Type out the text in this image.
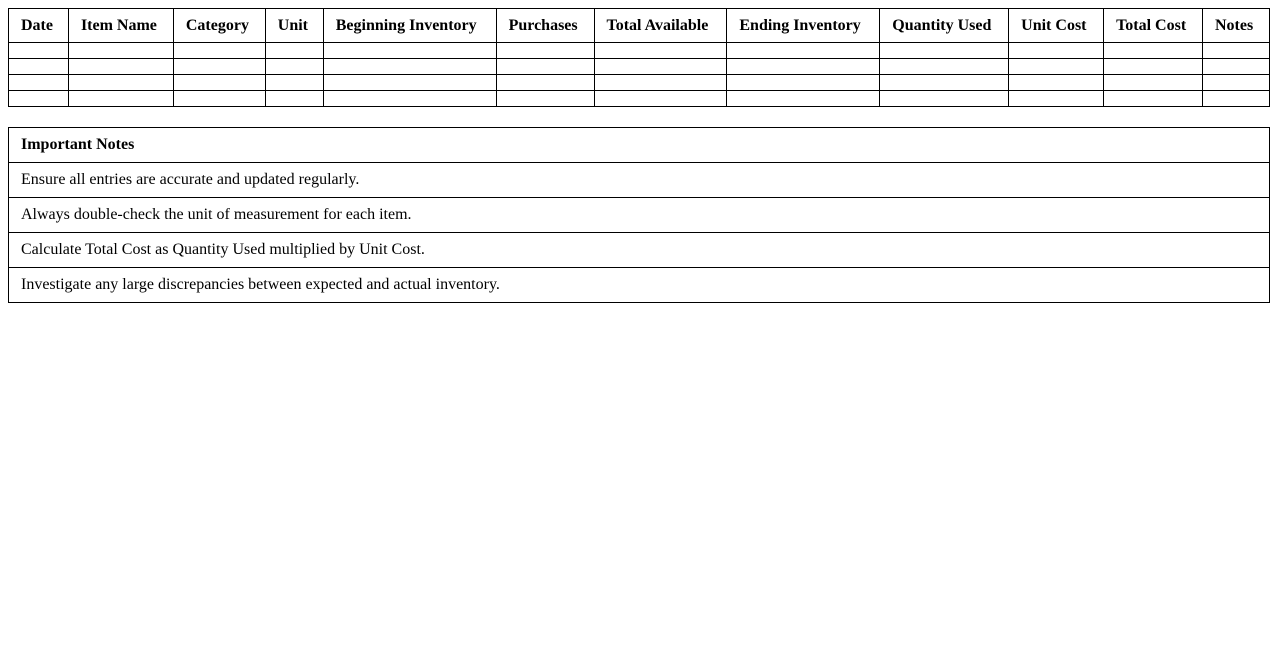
Date	Item Name	Category	Unit	Beginning Inventory	Purchases	Total Available	Ending Inventory	Quantity Used	Unit Cost	Total Cost	Notes

Important Notes
Ensure all entries are accurate and updated regularly.
Always double-check the unit of measurement for each item.
Calculate Total Cost as Quantity Used multiplied by Unit Cost.
Investigate any large discrepancies between expected and actual inventory.
